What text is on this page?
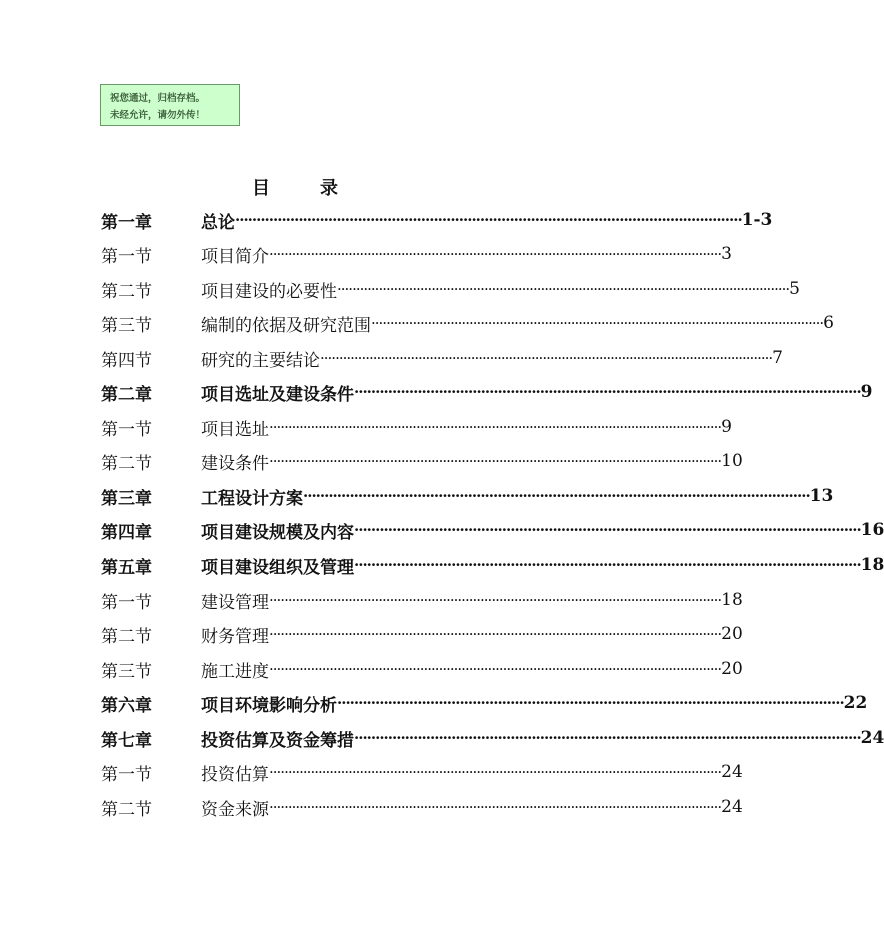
祝您通过，归档存档。
未经允许，请勿外传！
目录
第一章	总论 ························································································································ 1-3
第一节	项目简介 ························································································································ 3
第二节	项目建设的必要性 ························································································································ 5
第三节	编制的依据及研究范围 ························································································································ 6
第四节	研究的主要结论 ························································································································ 7
第二章	项目选址及建设条件 ························································································································ 9
第一节	项目选址 ························································································································ 9
第二节	建设条件 ························································································································ 10
第三章	工程设计方案 ························································································································ 13
第四章	项目建设规模及内容 ························································································································ 16
第五章	项目建设组织及管理 ························································································································ 18
第一节	建设管理 ························································································································ 18
第二节	财务管理 ························································································································ 20
第三节	施工进度 ························································································································ 20
第六章	项目环境影响分析 ························································································································ 22
第七章	投资估算及资金筹措 ························································································································ 24
第一节	投资估算 ························································································································ 24
第二节	资金来源 ························································································································ 24
